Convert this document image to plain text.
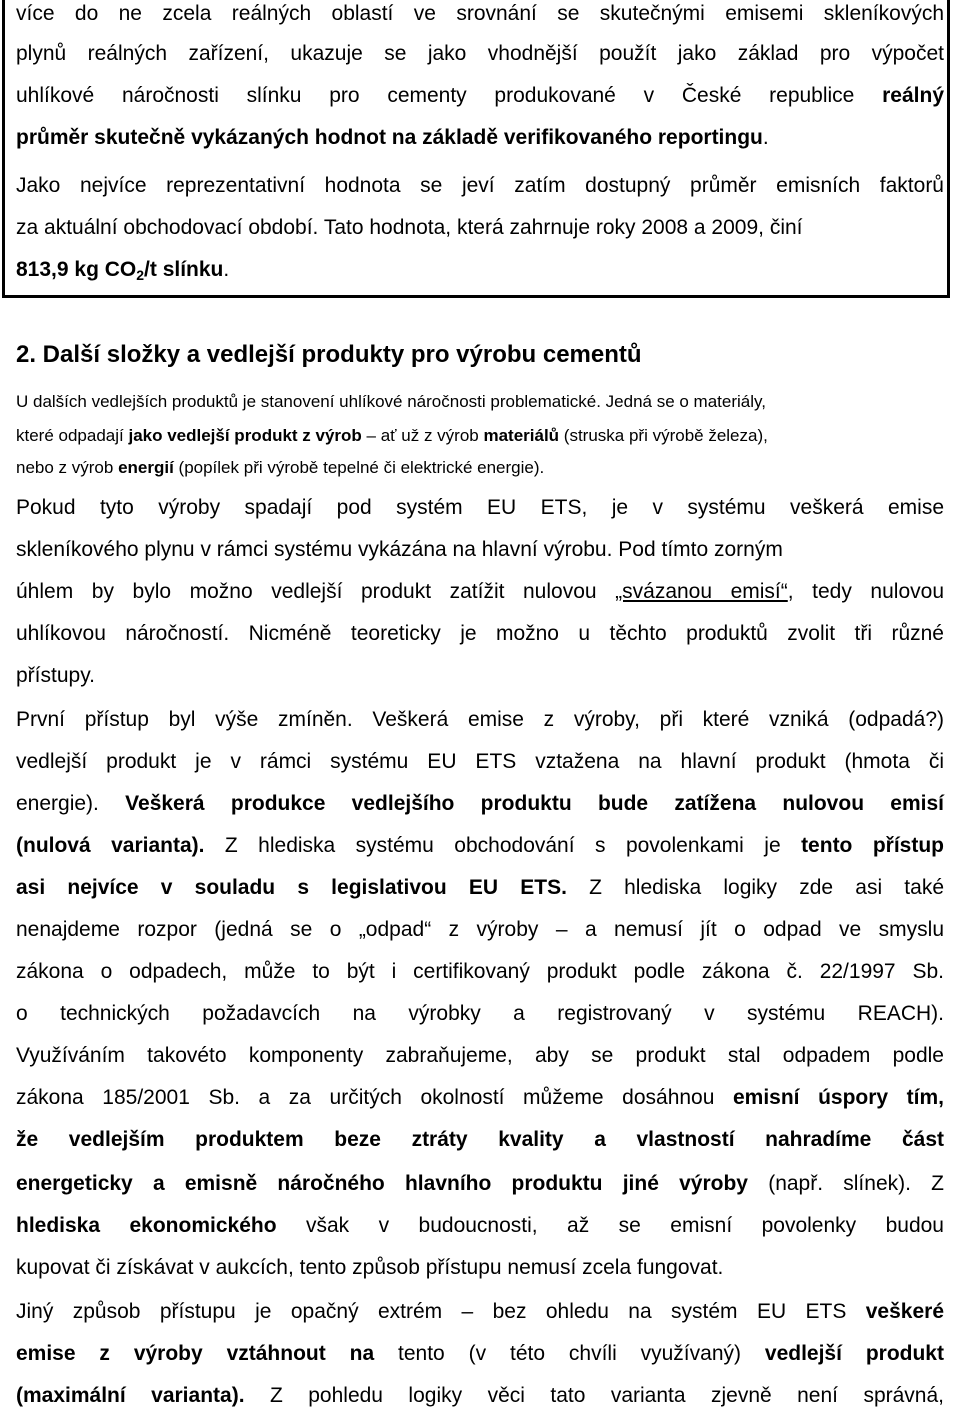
více do ne zcela reálných oblastí ve srovnání se skutečnými emisemi skleníkových

plynů reálných zařízení, ukazuje se jako vhodnější použít jako základ pro výpočet

uhlíkové náročnosti slínku pro cementy produkované v České republice reálný

průměr skutečně vykázaných hodnot na základě verifikovaného reportingu.

Jako nejvíce reprezentativní hodnota se jeví zatím dostupný průměr emisních faktorů

za aktuální obchodovací období. Tato hodnota, která zahrnuje roky 2008 a 2009, činí

813,9 kg $CO_2/t$ slínku.

2. Další složky a vedlejší produkty pro výrobu cementů

U dalších vedlejších produktů je stanovení uhlíkové náročnosti problematické. Jedná se o materiály,

které odpadají jako vedlejší produkt z výrob – ať už z výrob materiálů (struska při výrobě železa),

nebo z výrob energií (popílek při výrobě tepelné či elektrické energie).

Pokud tyto výroby spadají pod systém EU ETS, je v systému veškerá emise

skleníkového plynu v rámci systému vykázána na hlavní výrobu. Pod tímto zorným

úhlem by bylo možno vedlejší produkt zatížit nulovou „svázanou emisí“, tedy nulovou

uhlíkovou náročností. Nicméně teoreticky je možno u těchto produktů zvolit tři různé

přístupy.

První přístup byl výše zmíněn. Veškerá emise z výroby, při které vzniká (odpadá?)

vedlejší produkt je v rámci systému EU ETS vztažena na hlavní produkt (hmota či

energie). Veškerá produkce vedlejšího produktu bude zatížena nulovou emisí

(nulová varianta). Z hlediska systému obchodování s povolenkami je tento přístup

asi nejvíce v souladu s legislativou EU ETS. Z hlediska logiky zde asi také

nenajdeme rozpor (jedná se o „odpad“ z výroby – a nemusí jít o odpad ve smyslu

zákona o odpadech, může to být i certifikovaný produkt podle zákona č. 22/1997 Sb.

o technických požadavcích na výrobky a registrovaný v systému REACH).

Využíváním takovéto komponenty zabraňujeme, aby se produkt stal odpadem podle

zákona 185/2001 Sb. a za určitých okolností můžeme dosáhnou emisní úspory tím,

že vedlejším produktem beze ztráty kvality a vlastností nahradíme část

energeticky a emisně náročného hlavního produktu jiné výroby (např. slínek). Z

hlediska ekonomického však v budoucnosti, až se emisní povolenky budou

kupovat či získávat v aukcích, tento způsob přístupu nemusí zcela fungovat.

Jiný způsob přístupu je opačný extrém – bez ohledu na systém EU ETS veškeré

emise z výroby vztáhnout na tento (v této chvíli využívaný) vedlejší produkt

(maximální varianta). Z pohledu logiky věci tato varianta zjevně není správná,
